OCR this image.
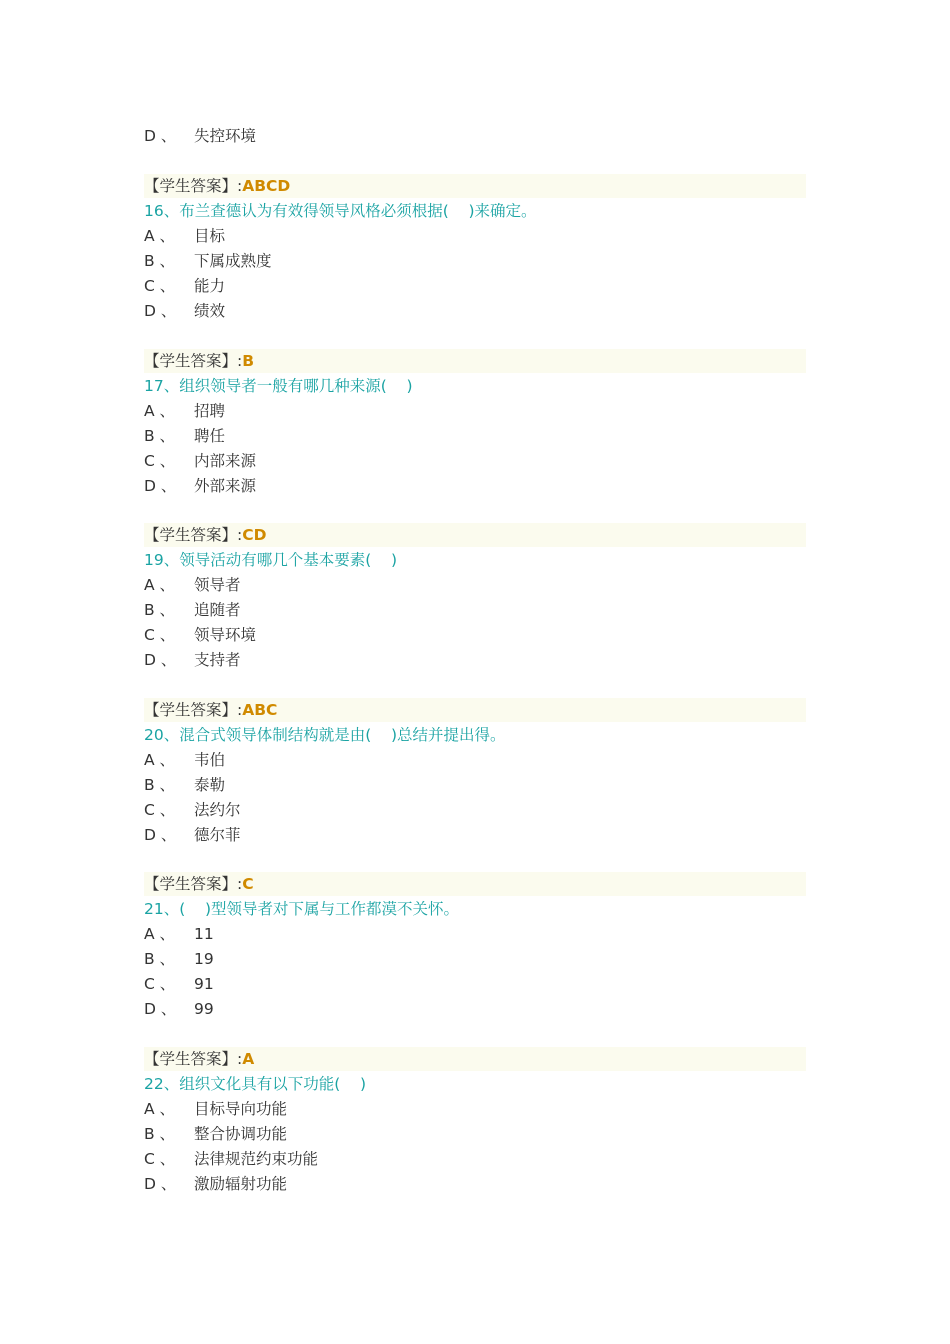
D 、 失控环境
【学生答案】:ABCD
16、布兰查德认为有效得领导风格必须根据(    )来确定。
A 、 目标
B 、 下属成熟度
C 、 能力
D 、 绩效
【学生答案】:B
17、组织领导者一般有哪几种来源(    )
A 、 招聘
B 、 聘任
C 、 内部来源
D 、 外部来源
【学生答案】:CD
19、领导活动有哪几个基本要素(    )
A 、 领导者
B 、 追随者
C 、 领导环境
D 、 支持者
【学生答案】:ABC
20、混合式领导体制结构就是由(    )总结并提出得。
A 、 韦伯
B 、 泰勒
C 、 法约尔
D 、 德尔菲
【学生答案】:C
21、(    )型领导者对下属与工作都漠不关怀。
A 、 11
B 、 19
C 、 91
D 、 99
【学生答案】:A
22、组织文化具有以下功能(    )
A 、 目标导向功能
B 、 整合协调功能
C 、 法律规范约束功能
D 、 激励辐射功能
